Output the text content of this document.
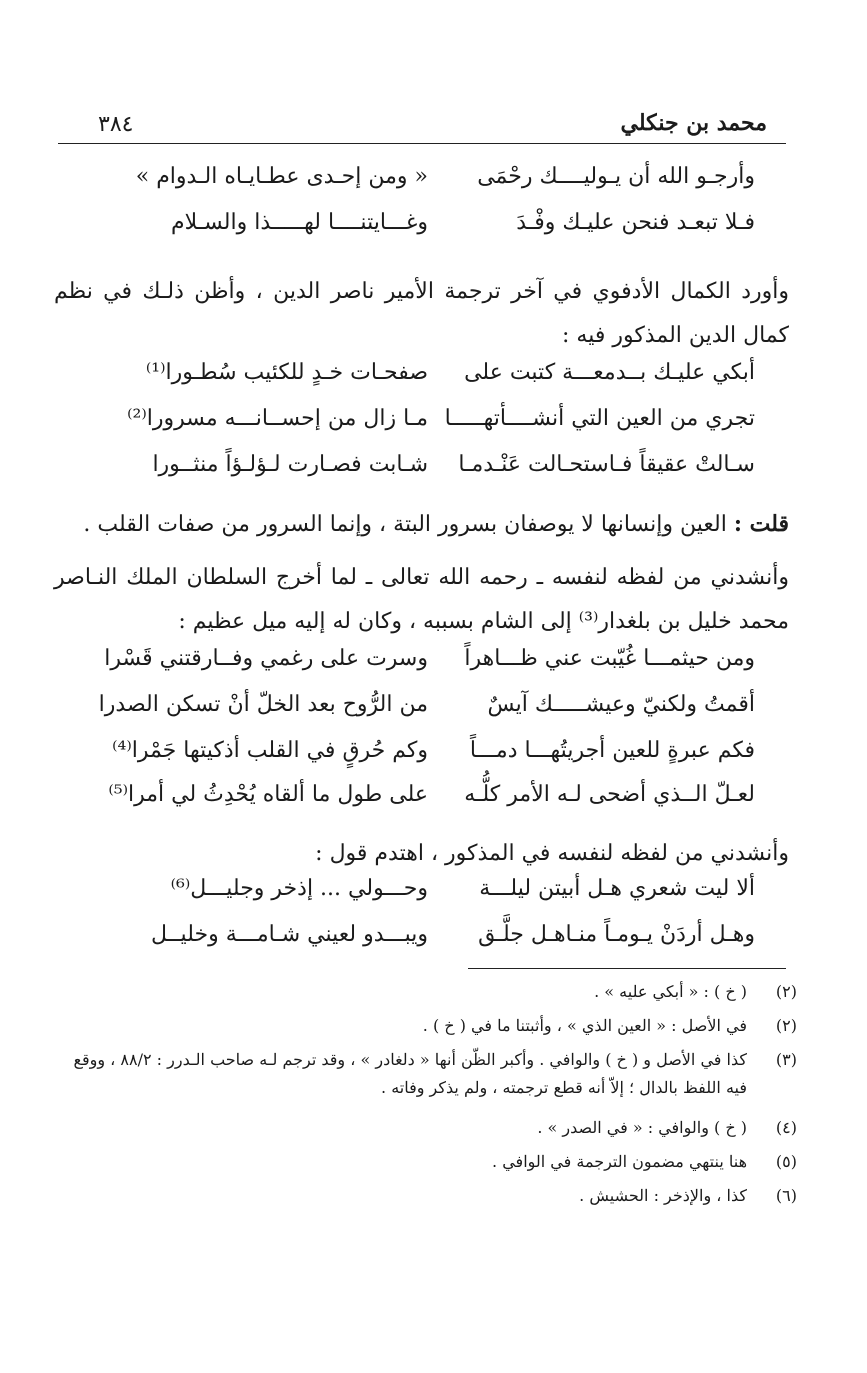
٣٨٤	محمد بن جنكلي
وأرجـو الله أن يـوليــــك رحْمَى
« ومن إحـدى عطـايـاه الـدوام »
فـلا تبعـد فنحن عليـك وفْـدَ
وغـــايتنــــا لهـــــذا والسـلام
وأورد الكمال الأدفوي في آخر ترجمة الأمير ناصر الدين ، وأظن ذلـك في نظم كمال الدين المذكور فيه :
أبكي عليـك بــدمعـــة كتبت على
صفحـات خـدٍ للكئيب سُطـورا⁽¹⁾
تجري من العين التي أنشــــأتهـــــا
مـا زال من إحســانـــه مسرورا⁽²⁾
سـالتْ عقيقاً فـاستحـالت عَنْـدمـا
شـابت فصـارت لـؤلـؤاً منثــورا
قلت : العين وإنسانها لا يوصفان بسرور البتة ، وإنما السرور من صفات القلب .
وأنشدني من لفظه لنفسه ـ رحمه الله تعالى ـ لما أخرج السلطان الملك النـاصر محمد خليل بن بلغدار⁽³⁾ إلى الشام بسببه ، وكان له إليه ميل عظيم :
ومن حيثمـــا غُيّبت عني ظـــاهراً
وسرت على رغمي وفــارقتني قَسْرا
أقمتُ ولكنيّ وعيشـــــك آيسٌ
من الرُّوح بعد الخلّ أنْ تسكن الصدرا
فكم عبرةٍ للعين أجريتُهـــا دمـــاً
وكم حُرقٍ في القلب أذكيتها جَمْرا⁽⁴⁾
لعـلّ الــذي أضحى لـه الأمر كلُّـه
على طول ما ألقاه يُحْدِثُ لي أمرا⁽⁵⁾
وأنشدني من لفظه لنفسه في المذكور ، اهتدم قول :
ألا ليت شعري هـل أبيتن ليلـــة
وحـــولي ... إذخر وجليـــل⁽⁶⁾
وهـل أردَنْ يـومـاً منـاهـل جلَّـق
ويبـــدو لعيني شـامـــة وخليــل
(٢)
( خ ) : « أبكي عليه » .
(٢)
في الأصل : « العين الذي » ، وأثبتنا ما في ( خ ) .
(٣)
كذا في الأصل و ( خ ) والوافي . وأكبر الظّن أنها « دلغادر » ، وقد ترجم لـه صاحب الـدرر : ٨٨/٢ ، ووقع فيه اللفظ بالدال ؛ إلاّ أنه قطع ترجمته ، ولم يذكر وفاته .
(٤)
( خ ) والوافي : « في الصدر » .
(٥)
هنا ينتهي مضمون الترجمة في الوافي .
(٦)
كذا ، والإذخر : الحشيش .
